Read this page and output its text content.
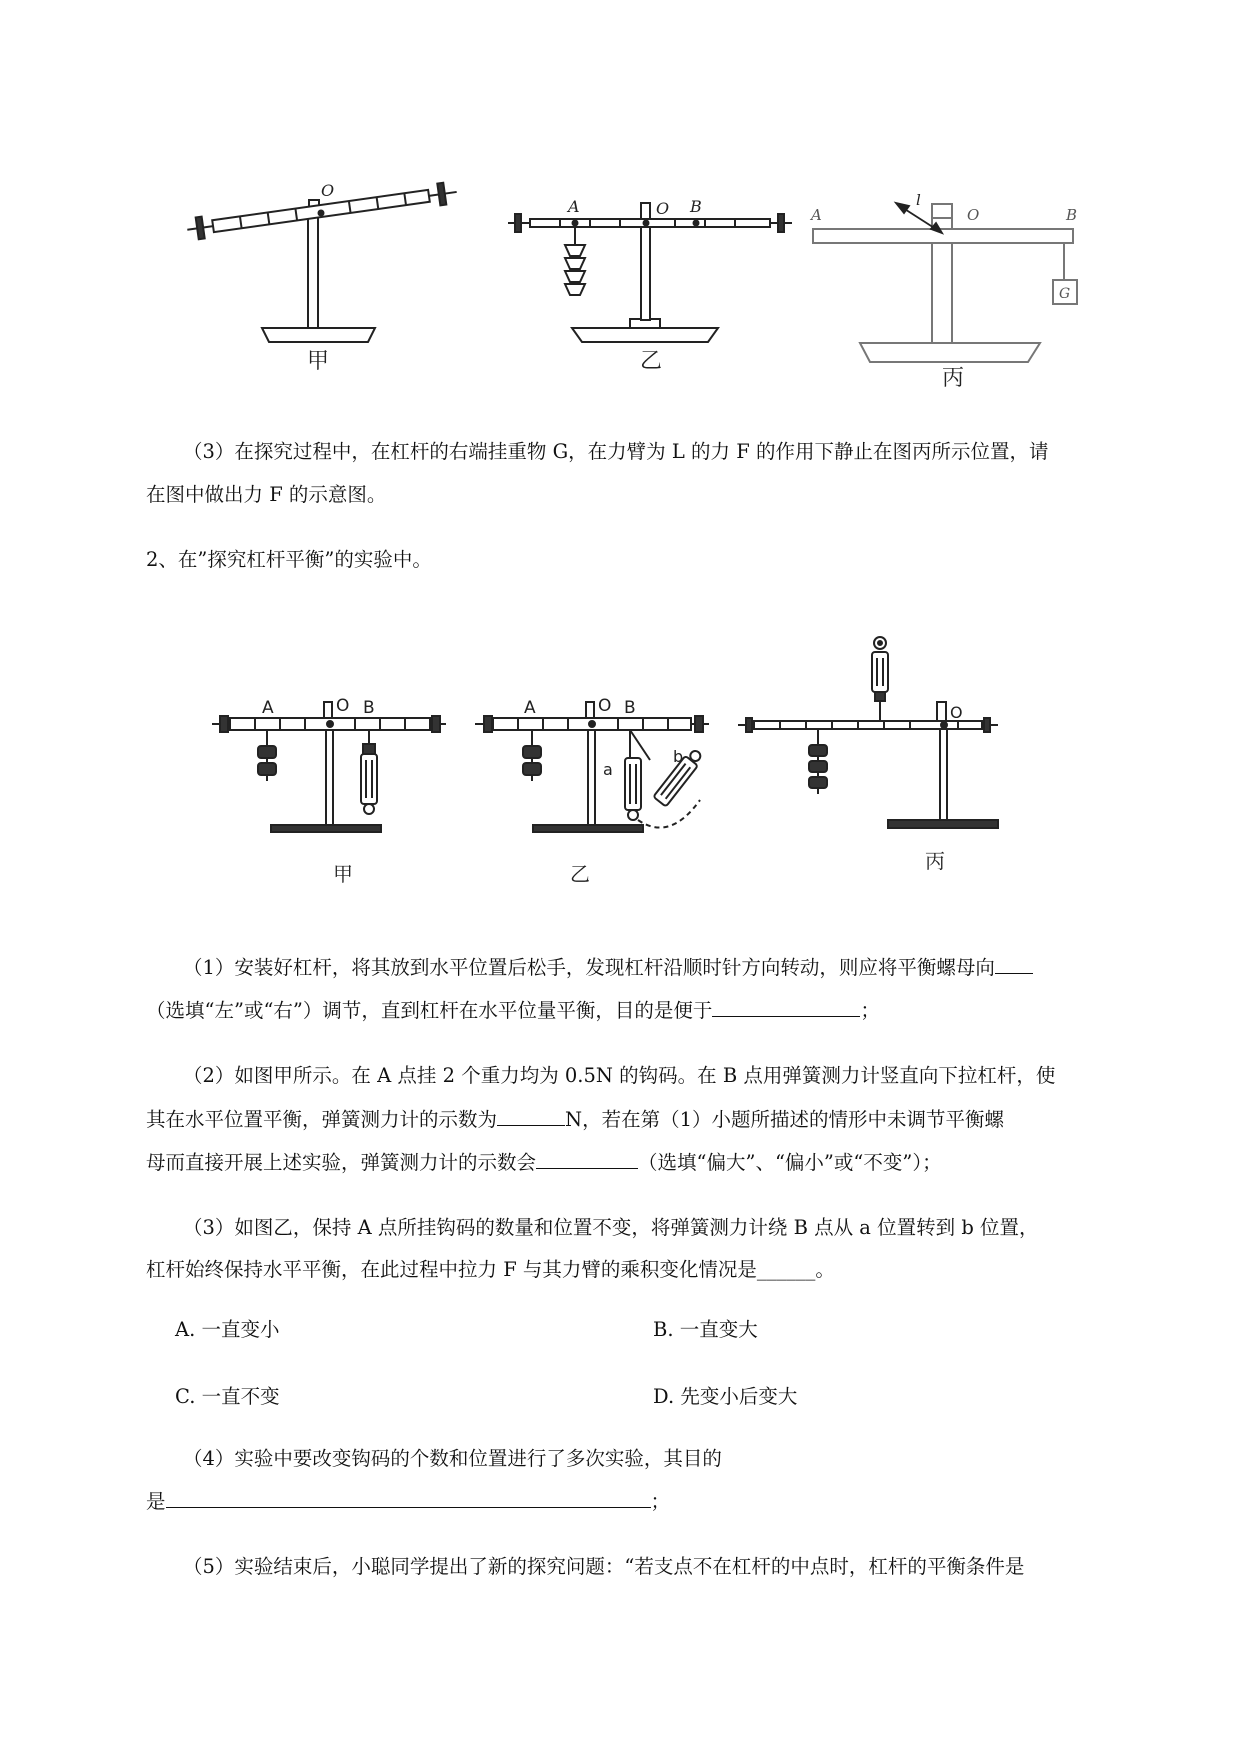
O
甲
A	O B
乙
A
l
O	B
G
丙
（3）在探究过程中，在杠杆的右端挂重物 G，在力臂为 L 的力 F 的作用下静止在图丙所示位置，请
在图中做出力 F 的示意图。
2、在”探究杠杆平衡”的实验中。
A	O B
甲
A	O B
a
b
乙
O
丙
（1）安装好杠杆，将其放到水平位置后松手，发现杠杆沿顺时针方向转动，则应将平衡螺母向
（选填“左”或“右”）调节，直到杠杆在水平位量平衡，目的是便于	；
（2）如图甲所示。在 A 点挂 2 个重力均为 0.5N 的钩码。在 B 点用弹簧测力计竖直向下拉杠杆，使
其在水平位置平衡，弹簧测力计的示数为	N，若在第（1）小题所描述的情形中未调节平衡螺
母而直接开展上述实验，弹簧测力计的示数会	（选填“偏大”、“偏小”或“不变”）；
（3）如图乙，保持 A 点所挂钩码的数量和位置不变，将弹簧测力计绕 B 点从 a 位置转到 b 位置，
杠杆始终保持水平平衡，在此过程中拉力 F 与其力臂的乘积变化情况是______。
A. 一直变小	B. 一直变大
C. 一直不变	D. 先变小后变大
（4）实验中要改变钩码的个数和位置进行了多次实验，其目的
是	；
（5）实验结束后，小聪同学提出了新的探究问题：“若支点不在杠杆的中点时，杠杆的平衡条件是
